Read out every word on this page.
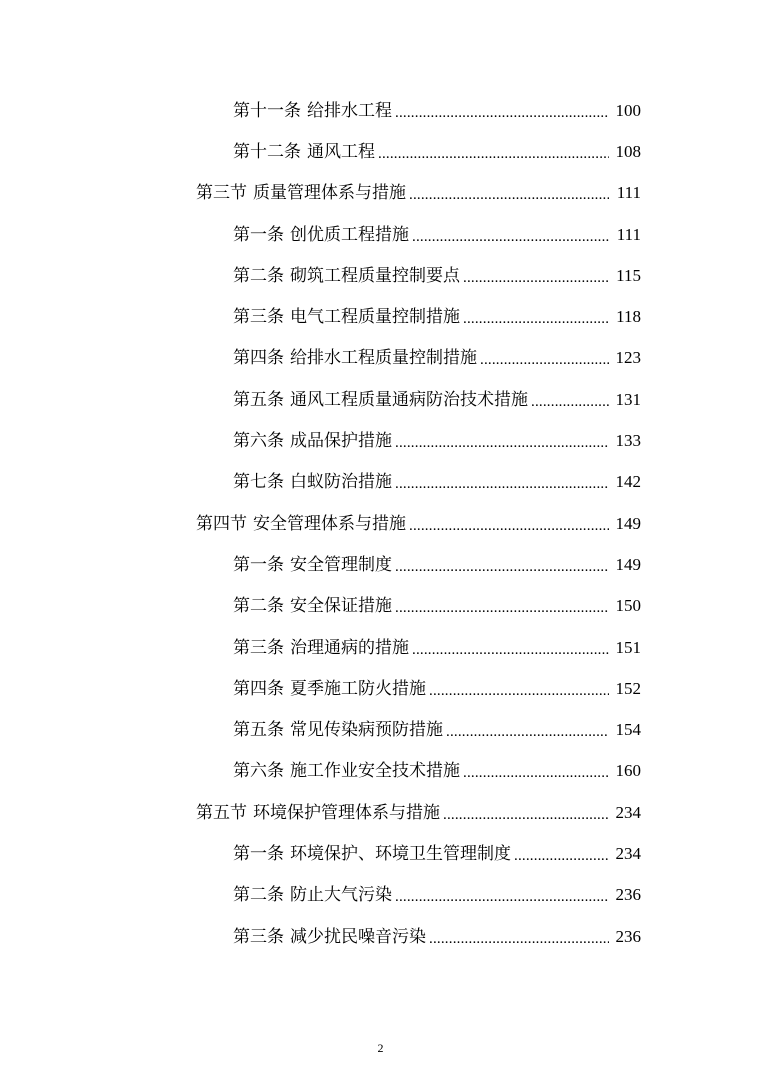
第十一条 给排水工程 .....	100
第十二条 通风工程 .....	108
第三节 质量管理体系与措施 .....	111
第一条 创优质工程措施 .....	111
第二条 砌筑工程质量控制要点 .....	115
第三条 电气工程质量控制措施 .....	118
第四条 给排水工程质量控制措施 .....	123
第五条 通风工程质量通病防治技术措施 .....	131
第六条 成品保护措施 .....	133
第七条 白蚁防治措施 .....	142
第四节 安全管理体系与措施 .....	149
第一条 安全管理制度 .....	149
第二条 安全保证措施 .....	150
第三条 治理通病的措施 .....	151
第四条 夏季施工防火措施 .....	152
第五条 常见传染病预防措施 .....	154
第六条 施工作业安全技术措施 .....	160
第五节 环境保护管理体系与措施 .....	234
第一条 环境保护、环境卫生管理制度 .....	234
第二条 防止大气污染 .....	236
第三条 减少扰民噪音污染 .....	236
2
